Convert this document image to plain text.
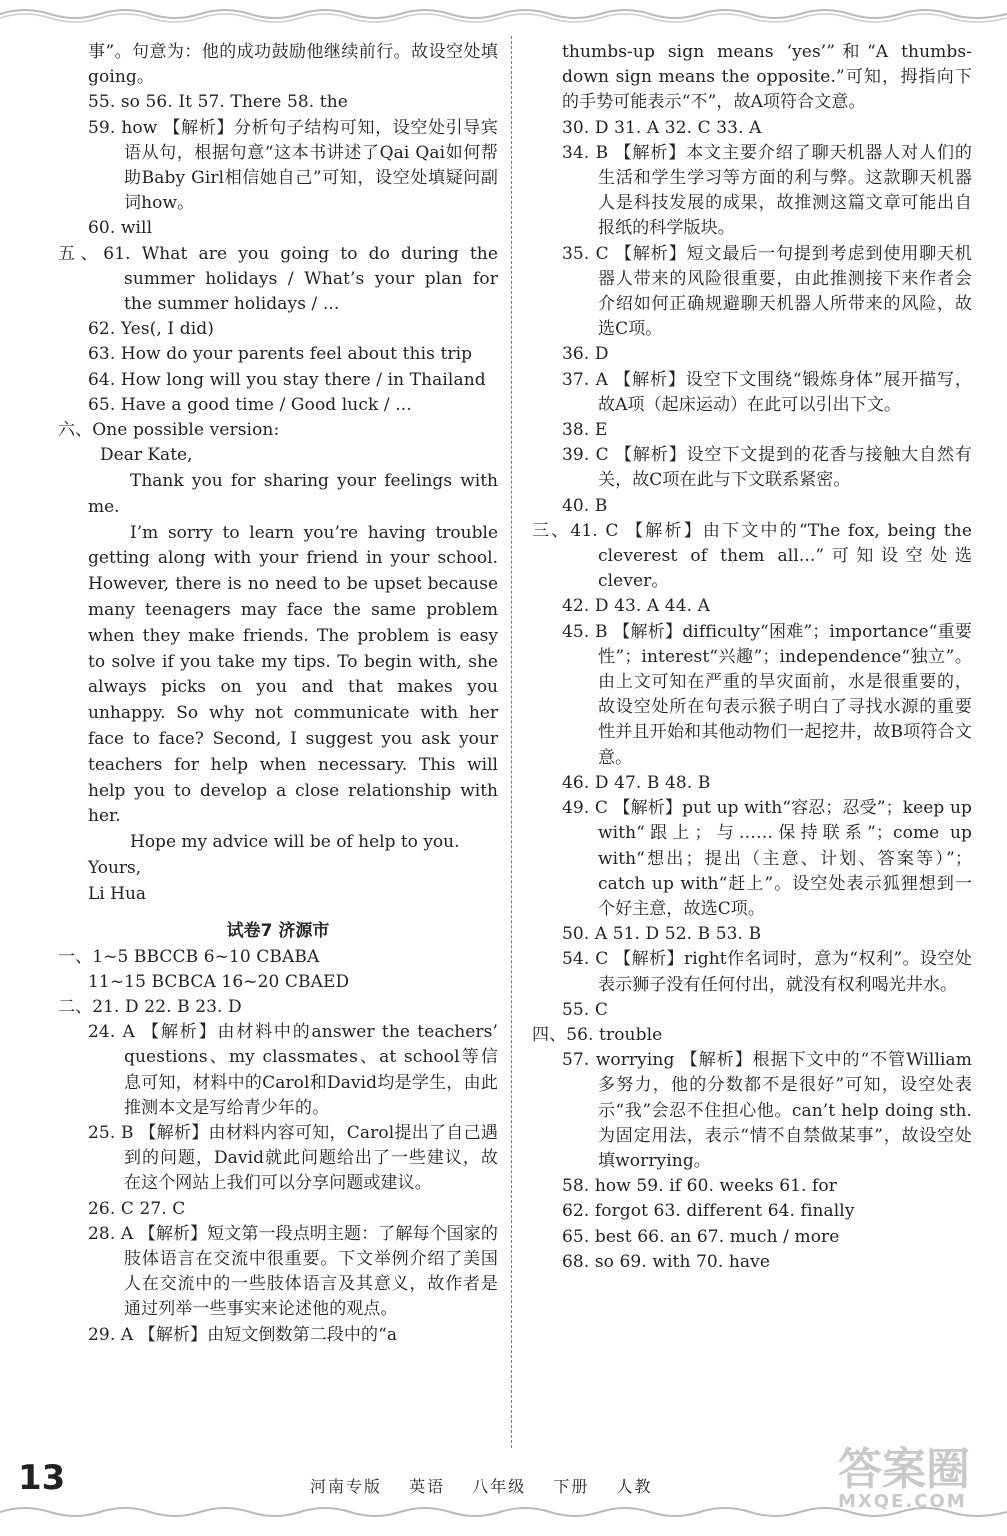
事”。句意为：他的成功鼓励他继续前行。故设空处填going。
55. so 56. It 57. There 58. the
59. how 【解析】分析句子结构可知，设空处引导宾语从句，根据句意“这本书讲述了Qai Qai如何帮助Baby Girl相信她自己”可知，设空处填疑问副词how。
60. will
五、61. What are you going to do during the summer holidays / What’s your plan for the summer holidays / ...
62. Yes(, I did)
63. How do your parents feel about this trip
64. How long will you stay there / in Thailand
65. Have a good time / Good luck / ...
六、One possible version:

Dear Kate,

Thank you for sharing your feelings with me.

I’m sorry to learn you’re having trouble getting along with your friend in your school. However, there is no need to be upset because many teenagers may face the same problem when they make friends. The problem is easy to solve if you take my tips. To begin with, she always picks on you and that makes you unhappy. So why not communicate with her face to face? Second, I suggest you ask your teachers for help when necessary. This will help you to develop a close relationship with her.

Hope my advice will be of help to you.

Yours,

Li Hua

试卷7 济源市
一、1~5 BBCCB 6~10 CBABA
11~15 BCBCA 16~20 CBAED
二、21. D 22. B 23. D
24. A 【解析】由材料中的answer the teachers’ questions、my classmates、at school等信息可知，材料中的Carol和David均是学生，由此推测本文是写给青少年的。
25. B 【解析】由材料内容可知，Carol提出了自己遇到的问题，David就此问题给出了一些建议，故在这个网站上我们可以分享问题或建议。
26. C 27. C
28. A 【解析】短文第一段点明主题：了解每个国家的肢体语言在交流中很重要。下文举例介绍了美国人在交流中的一些肢体语言及其意义，故作者是通过列举一些事实来论述他的观点。
29. A 【解析】由短文倒数第二段中的“a
thumbs-up sign means ‘yes’”和“A thumbs-down sign means the opposite.”可知，拇指向下的手势可能表示“不”，故A项符合文意。
30. D 31. A 32. C 33. A
34. B 【解析】本文主要介绍了聊天机器人对人们的生活和学生学习等方面的利与弊。这款聊天机器人是科技发展的成果，故推测这篇文章可能出自报纸的科学版块。
35. C 【解析】短文最后一句提到考虑到使用聊天机器人带来的风险很重要，由此推测接下来作者会介绍如何正确规避聊天机器人所带来的风险，故选C项。
36. D
37. A 【解析】设空下文围绕“锻炼身体”展开描写，故A项（起床运动）在此可以引出下文。
38. E
39. C 【解析】设空下文提到的花香与接触大自然有关，故C项在此与下文联系紧密。
40. B
三、41. C 【解析】由下文中的“The fox, being the cleverest of them all...”可知设空处选clever。
42. D 43. A 44. A
45. B 【解析】difficulty“困难”；importance“重要性”；interest“兴趣”；independence“独立”。由上文可知在严重的旱灾面前，水是很重要的，故设空处所在句表示猴子明白了寻找水源的重要性并且开始和其他动物们一起挖井，故B项符合文意。
46. D 47. B 48. B
49. C 【解析】put up with“容忍；忍受”；keep up with“跟上；与……保持联系”；come up with“想出；提出（主意、计划、答案等）”；catch up with“赶上”。设空处表示狐狸想到一个好主意，故选C项。
50. A 51. D 52. B 53. B
54. C 【解析】right作名词时，意为“权利”。设空处表示狮子没有任何付出，就没有权利喝光井水。
55. C
四、56. trouble
57. worrying 【解析】根据下文中的“不管William多努力，他的分数都不是很好”可知，设空处表示“我”会忍不住担心他。can’t help doing sth.为固定用法，表示“情不自禁做某事”，故设空处填worrying。
58. how 59. if 60. weeks 61. for
62. forgot 63. different 64. finally
65. best 66. an 67. much / more
68. so 69. with 70. have
13	河南专版 英语 八年级 下册 人教	答案圈
MXQE.COM
